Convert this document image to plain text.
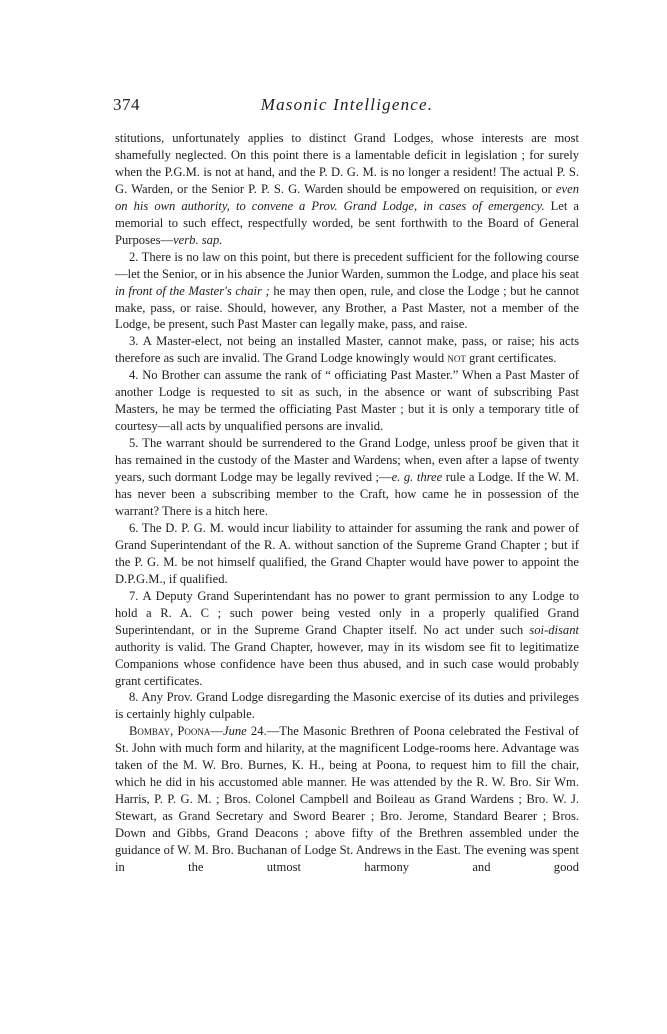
374	Masonic Intelligence.

stitutions, unfortunately applies to distinct Grand Lodges, whose interests are most shamefully neglected. On this point there is a lamentable deficit in legislation ; for surely when the P.G.M. is not at hand, and the P. D. G. M. is no longer a resident! The actual P. S. G. Warden, or the Senior P. P. S. G. Warden should be empowered on requisition, or even on his own authority, to convene a Prov. Grand Lodge, in cases of emergency. Let a memorial to such effect, respectfully worded, be sent forthwith to the Board of General Purposes—verb. sap.

2. There is no law on this point, but there is precedent sufficient for the following course—let the Senior, or in his absence the Junior Warden, summon the Lodge, and place his seat in front of the Master's chair ; he may then open, rule, and close the Lodge ; but he cannot make, pass, or raise. Should, however, any Brother, a Past Master, not a member of the Lodge, be present, such Past Master can legally make, pass, and raise.

3. A Master-elect, not being an installed Master, cannot make, pass, or raise; his acts therefore as such are invalid. The Grand Lodge knowingly would not grant certificates.

4. No Brother can assume the rank of “ officiating Past Master.” When a Past Master of another Lodge is requested to sit as such, in the absence or want of subscribing Past Masters, he may be termed the officiating Past Master ; but it is only a temporary title of courtesy—all acts by unqualified persons are invalid.

5. The warrant should be surrendered to the Grand Lodge, unless proof be given that it has remained in the custody of the Master and Wardens; when, even after a lapse of twenty years, such dormant Lodge may be legally revived ;—e. g. three rule a Lodge. If the W. M. has never been a subscribing member to the Craft, how came he in possession of the warrant? There is a hitch here.

6. The D. P. G. M. would incur liability to attainder for assuming the rank and power of Grand Superintendant of the R. A. without sanction of the Supreme Grand Chapter ; but if the P. G. M. be not himself qualified, the Grand Chapter would have power to appoint the D.P.G.M., if qualified.

7. A Deputy Grand Superintendant has no power to grant permission to any Lodge to hold a R. A. C ; such power being vested only in a properly qualified Grand Superintendant, or in the Supreme Grand Chapter itself. No act under such soi-disant authority is valid. The Grand Chapter, however, may in its wisdom see fit to legitimatize Companions whose confidence have been thus abused, and in such case would probably grant certificates.

8. Any Prov. Grand Lodge disregarding the Masonic exercise of its duties and privileges is certainly highly culpable.

Bombay, Poona—June 24.—The Masonic Brethren of Poona celebrated the Festival of St. John with much form and hilarity, at the magnificent Lodge-rooms here. Advantage was taken of the M. W. Bro. Burnes, K. H., being at Poona, to request him to fill the chair, which he did in his accustomed able manner. He was attended by the R. W. Bro. Sir Wm. Harris, P. P. G. M. ; Bros. Colonel Campbell and Boileau as Grand Wardens ; Bro. W. J. Stewart, as Grand Secretary and Sword Bearer ; Bro. Jerome, Standard Bearer ; Bros. Down and Gibbs, Grand Deacons ; above fifty of the Brethren assembled under the guidance of W. M. Bro. Buchanan of Lodge St. Andrews in the East. The evening was spent in the utmost harmony and good
